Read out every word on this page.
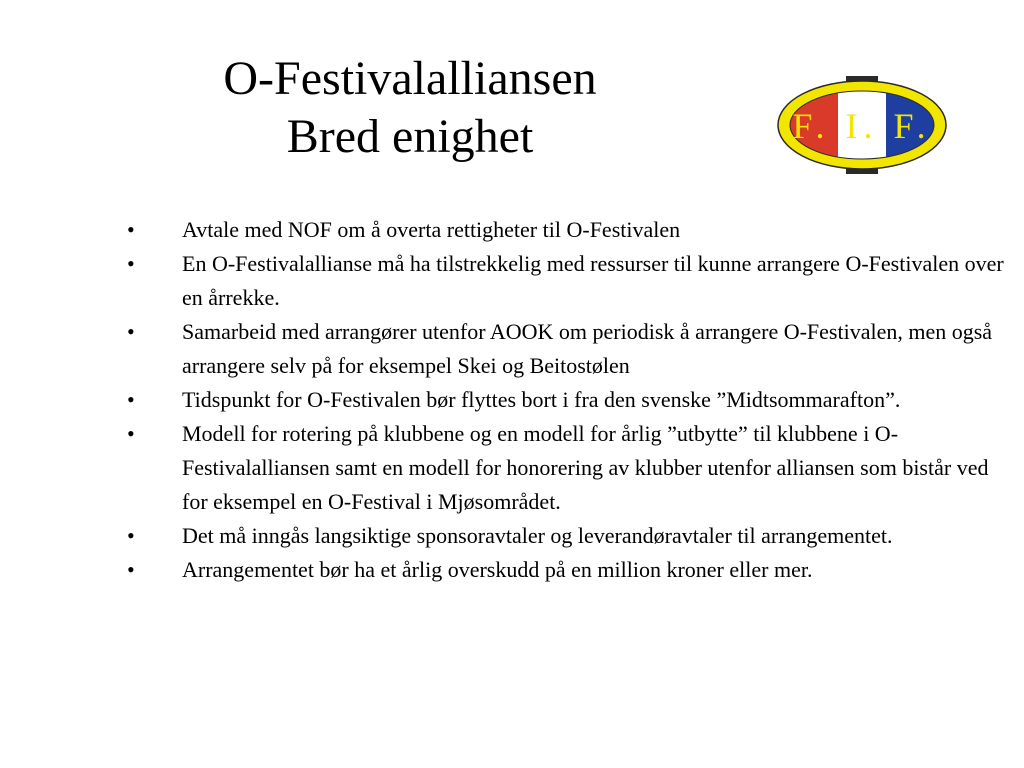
O-Festivalalliansen
Bred enighet	F. I. F.
• Avtale med NOF om å overta rettigheter til O-Festivalen
• En O-Festivalallianse må ha tilstrekkelig med ressurser til kunne arrangere O-Festivalen over en årrekke.
• Samarbeid med arrangører utenfor AOOK om periodisk å arrangere O-Festivalen, men også arrangere selv på for eksempel Skei og Beitostølen
• Tidspunkt for O-Festivalen bør flyttes bort i fra den svenske ”Midtsommarafton”.
• Modell for rotering på klubbene og en modell for årlig ”utbytte” til klubbene i O-Festivalalliansen samt en modell for honorering av klubber utenfor alliansen som bistår ved for eksempel en O-Festival i Mjøsområdet.
• Det må inngås langsiktige sponsoravtaler og leverandøravtaler til arrangementet.
• Arrangementet bør ha et årlig overskudd på en million kroner eller mer.
